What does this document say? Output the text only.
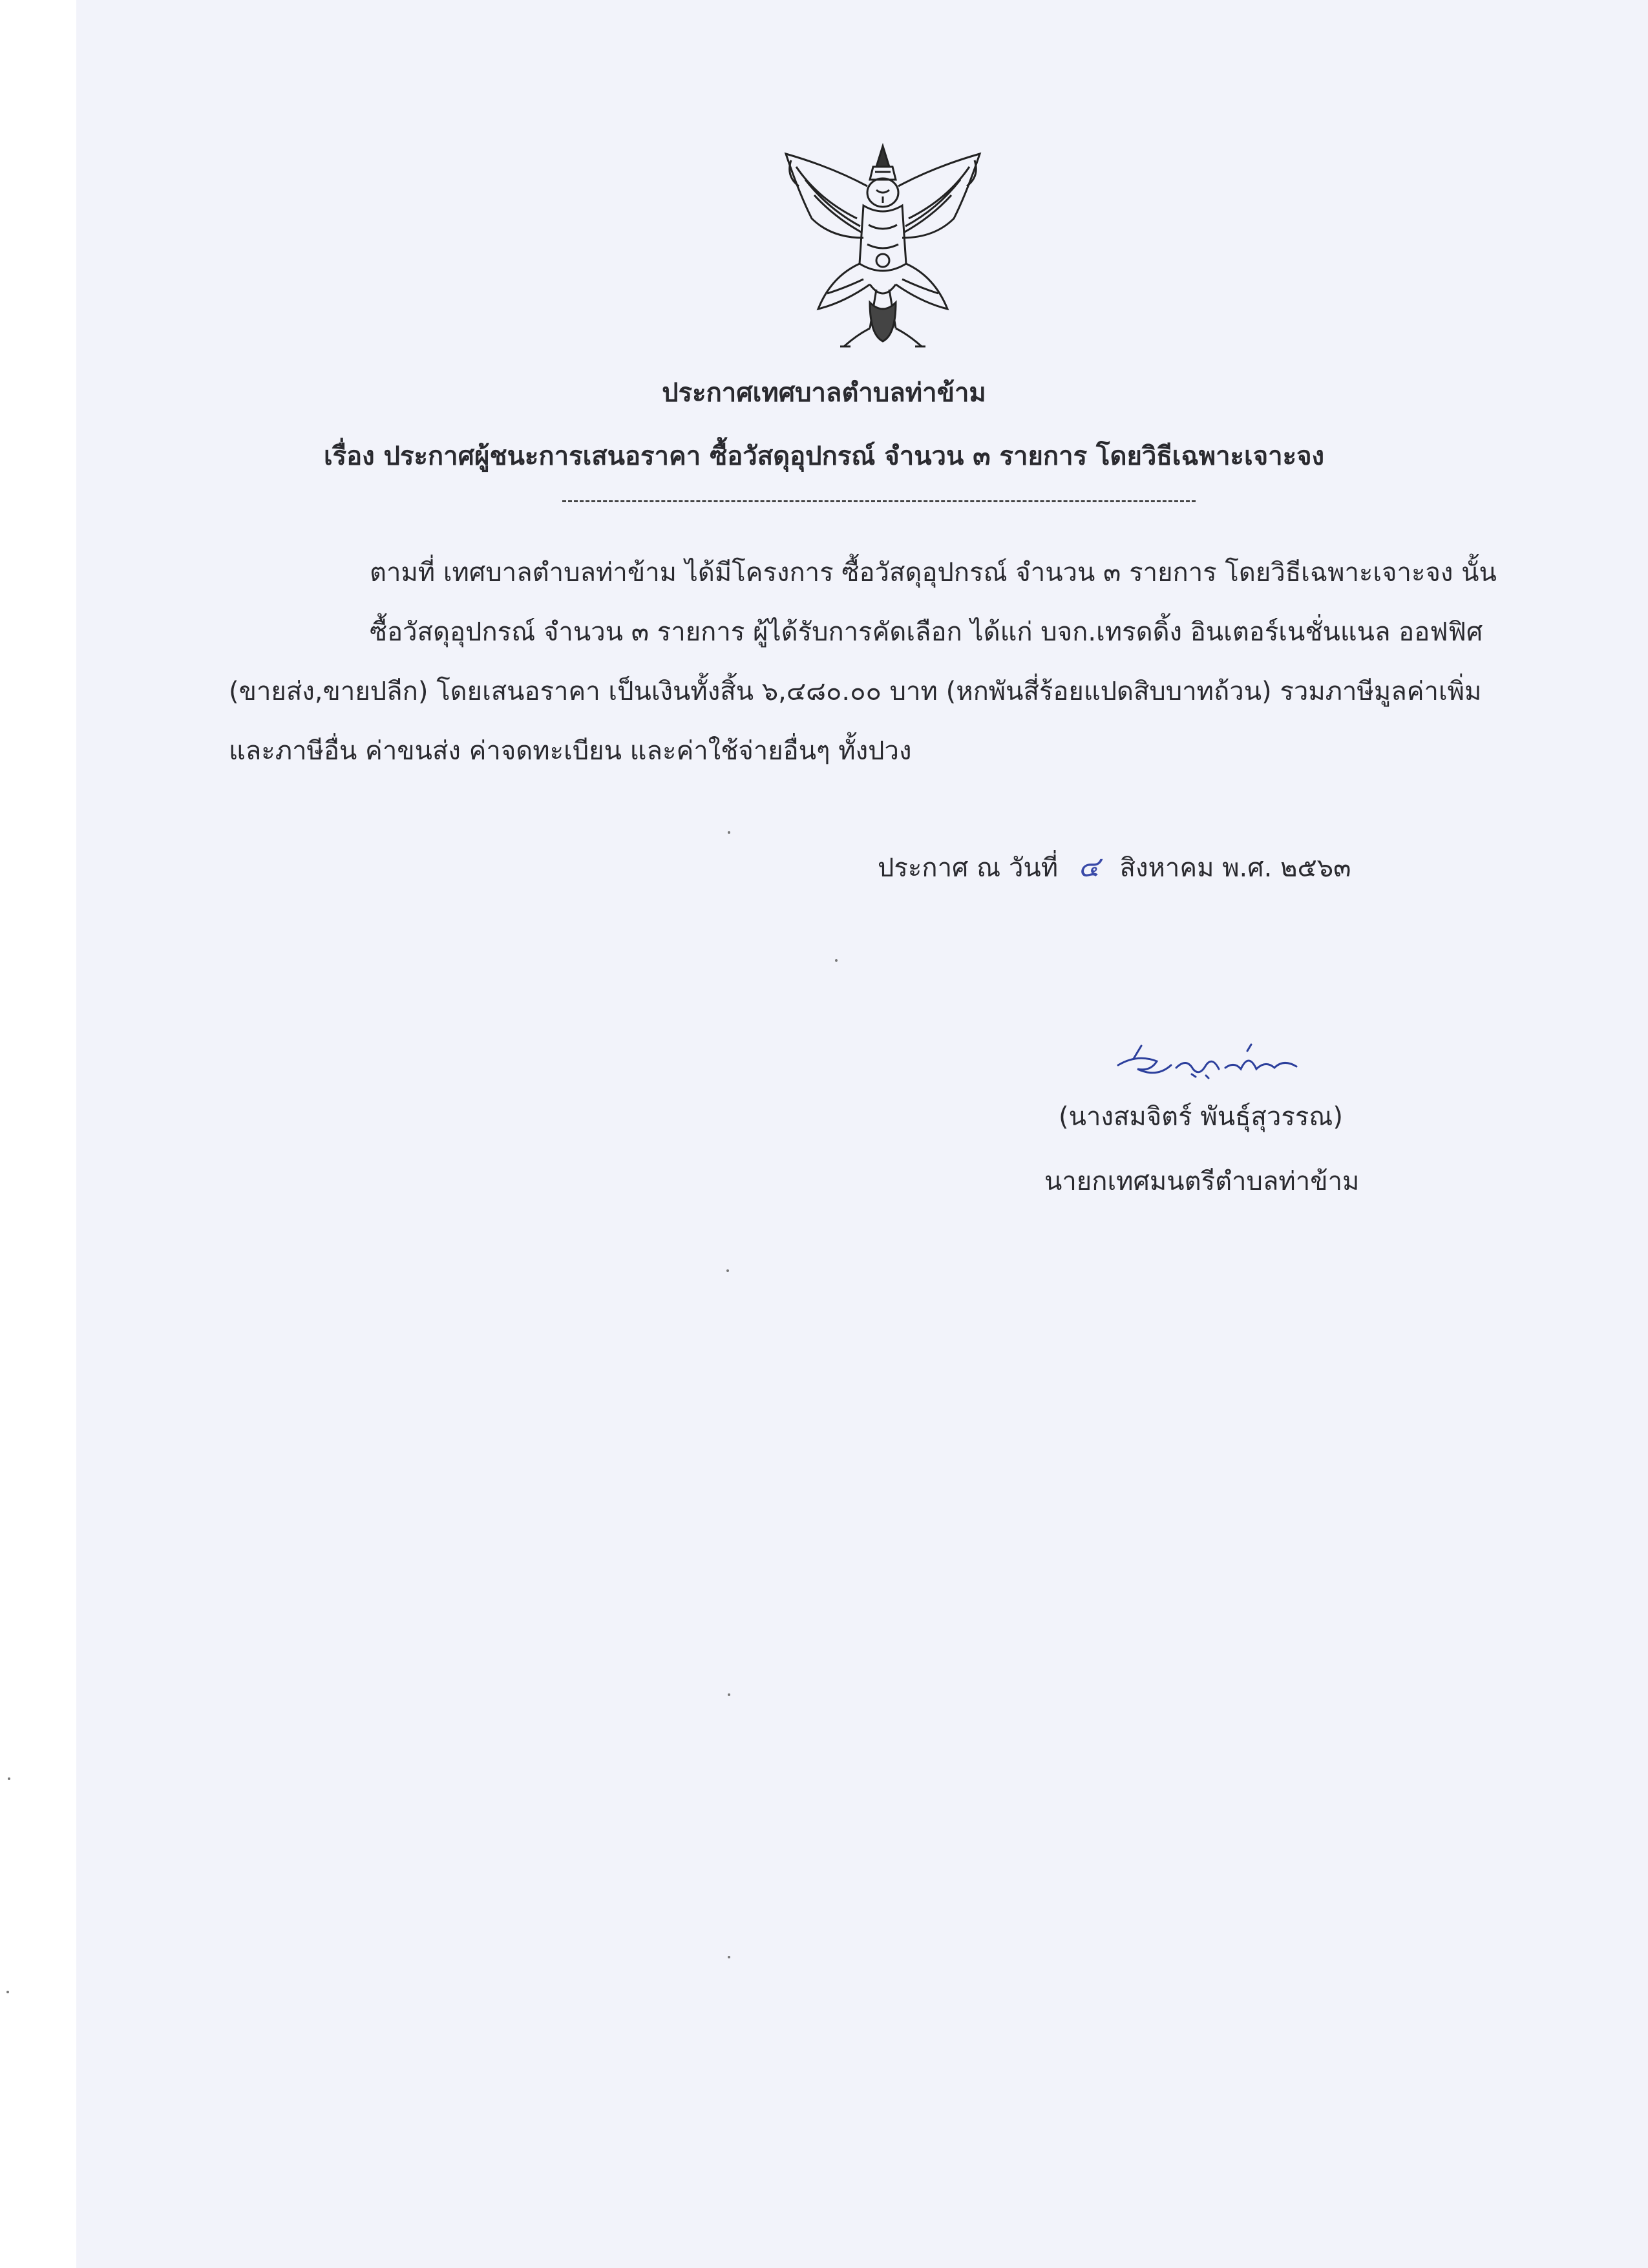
ประกาศเทศบาลตำบลท่าข้าม
เรื่อง ประกาศผู้ชนะการเสนอราคา ซื้อวัสดุอุปกรณ์ จำนวน ๓ รายการ โดยวิธีเฉพาะเจาะจง
ตามที่ เทศบาลตำบลท่าข้าม ได้มีโครงการ ซื้อวัสดุอุปกรณ์ จำนวน ๓ รายการ โดยวิธีเฉพาะเจาะจง นั้น
ซื้อวัสดุอุปกรณ์ จำนวน ๓ รายการ ผู้ได้รับการคัดเลือก ได้แก่ บจก.เทรดดิ้ง อินเตอร์เนชั่นแนล ออฟฟิศ
(ขายส่ง,ขายปลีก) โดยเสนอราคา เป็นเงินทั้งสิ้น ๖,๔๘๐.๐๐ บาท (หกพันสี่ร้อยแปดสิบบาทถ้วน) รวมภาษีมูลค่าเพิ่ม
และภาษีอื่น ค่าขนส่ง ค่าจดทะเบียน และค่าใช้จ่ายอื่นๆ ทั้งปวง
ประกาศ ณ วันที่ ๔ สิงหาคม พ.ศ. ๒๕๖๓
(นางสมจิตร์ พันธุ์สุวรรณ)
นายกเทศมนตรีตำบลท่าข้าม
